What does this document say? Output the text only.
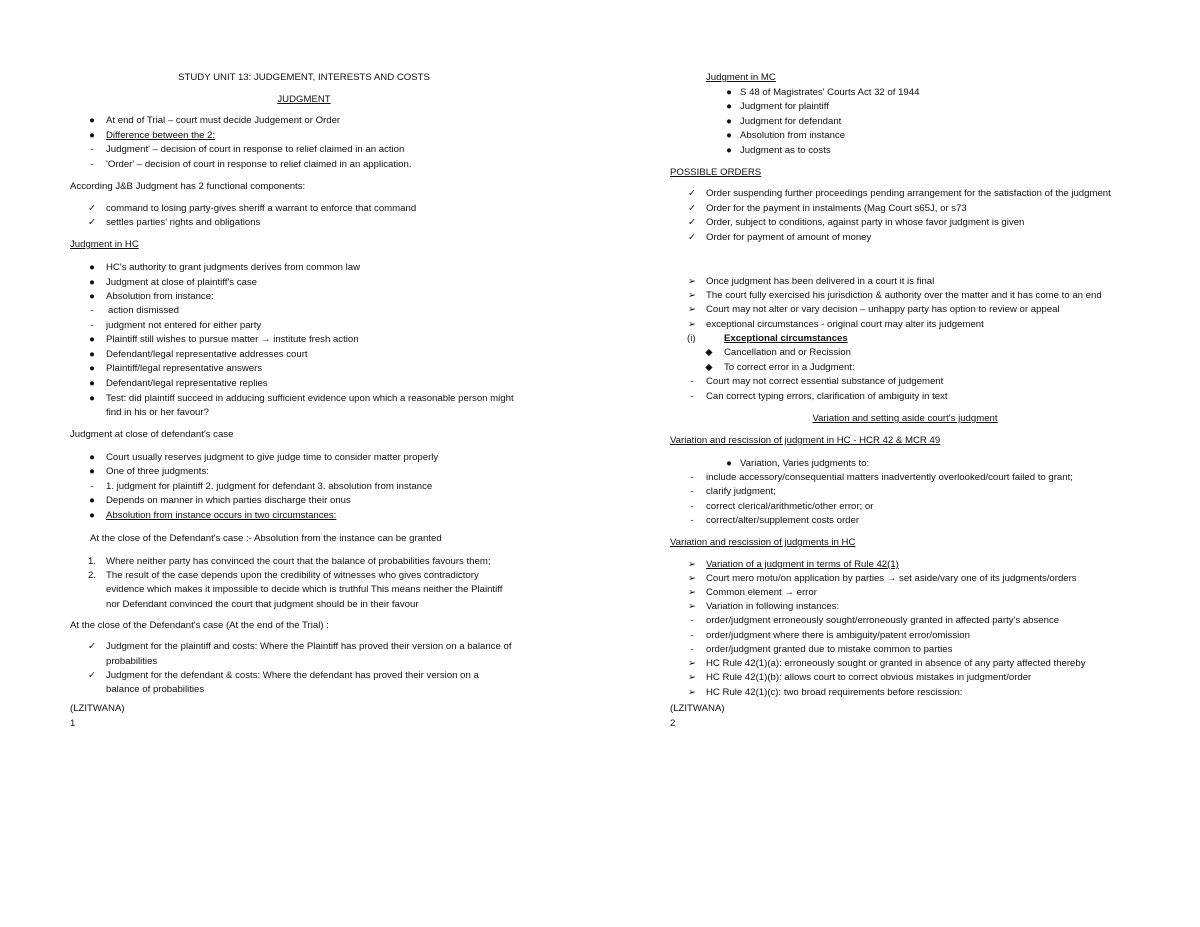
STUDY UNIT 13: JUDGEMENT, INTERESTS AND COSTS
JUDGMENT
●	At end of Trial – court must decide Judgement or Order
●	Difference between the 2:
-	Judgment' – decision of court in response to relief claimed in an action
-	'Order' – decision of court in response to relief claimed in an application.
According J&B Judgment has 2 functional components:
✓	command to losing party-gives sheriff a warrant to enforce that command
✓	settles parties' rights and obligations
Judgment in HC
●	HC's authority to grant judgments derives from common law
●	Judgment at close of plaintiff's case
●	Absolution from instance:
-	action dismissed
-	judgment not entered for either party
●	Plaintiff still wishes to pursue matter → institute fresh action
●	Defendant/legal representative addresses court
●	Plaintiff/legal representative answers
●	Defendant/legal representative replies
●	Test: did plaintiff succeed in adducing sufficient evidence upon which a reasonable person might
find in his or her favour?
Judgment at close of defendant's case
●	Court usually reserves judgment to give judge time to consider matter properly
●	One of three judgments:
-	1. judgment for plaintiff 2. judgment for defendant 3. absolution from instance
●	Depends on manner in which parties discharge their onus
●	Absolution from instance occurs in two circumstances:
At the close of the Defendant's case :- Absolution from the instance can be granted
1.	Where neither party has convinced the court that the balance of probabilities favours them;
2.	The result of the case depends upon the credibility of witnesses who gives contradictory
evidence which makes it impossible to decide which is truthful This means neither the Plaintiff
nor Defendant convinced the court that judgment should be in their favour
At the close of the Defendant's case (At the end of the Trial) :
✓	Judgment for the plaintiff and costs: Where the Plaintiff has proved their version on a balance of
probabilities
✓	Judgment for the defendant & costs: Where the defendant has proved their version on a
balance of probabilities
(LZITWANA)
1
Judgment in MC
● S 48 of Magistrates' Courts Act 32 of 1944
● Judgment for plaintiff
● Judgment for defendant
● Absolution from instance
● Judgment as to costs
POSSIBLE ORDERS
✓	Order suspending further proceedings pending arrangement for the satisfaction of the judgment
✓	Order for the payment in instalments (Mag Court s65J, or s73
✓	Order, subject to conditions, against party in whose favor judgment is given
✓	Order for payment of amount of money
➢	Once judgment has been delivered in a court it is final
➢	The court fully exercised his jurisdiction & authority over the matter and it has come to an end
➢	Court may not alter or vary decision – unhappy party has option to review or appeal
➢	exceptional circumstances - original court may alter its judgement
(i)	Exceptional circumstances
◆	Cancellation and or Recission
◆	To correct error in a Judgment:
-	Court may not correct essential substance of judgement
-	Can correct typing errors, clarification of ambiguity in text
Variation and setting aside court's judgment
Variation and rescission of judgment in HC - HCR 42 & MCR 49
● Variation, Varies judgments to:
-	include accessory/consequential matters inadvertently overlooked/court failed to grant;
-	clarify judgment;
-	correct clerical/arithmetic/other error; or
-	correct/alter/supplement costs order
Variation and rescission of judgments in HC
➢	Variation of a judgment in terms of Rule 42(1)
➢	Court mero motu/on application by parties → set aside/vary one of its judgments/orders
➢	Common element → error
➢	Variation in following instances:
-	order/judgment erroneously sought/erroneously granted in affected party's absence
-	order/judgment where there is ambiguity/patent error/omission
-	order/judgment granted due to mistake common to parties
➢	HC Rule 42(1)(a): erroneously sought or granted in absence of any party affected thereby
➢	HC Rule 42(1)(b): allows court to correct obvious mistakes in judgment/order
➢	HC Rule 42(1)(c): two broad requirements before rescission:
(LZITWANA)
2
